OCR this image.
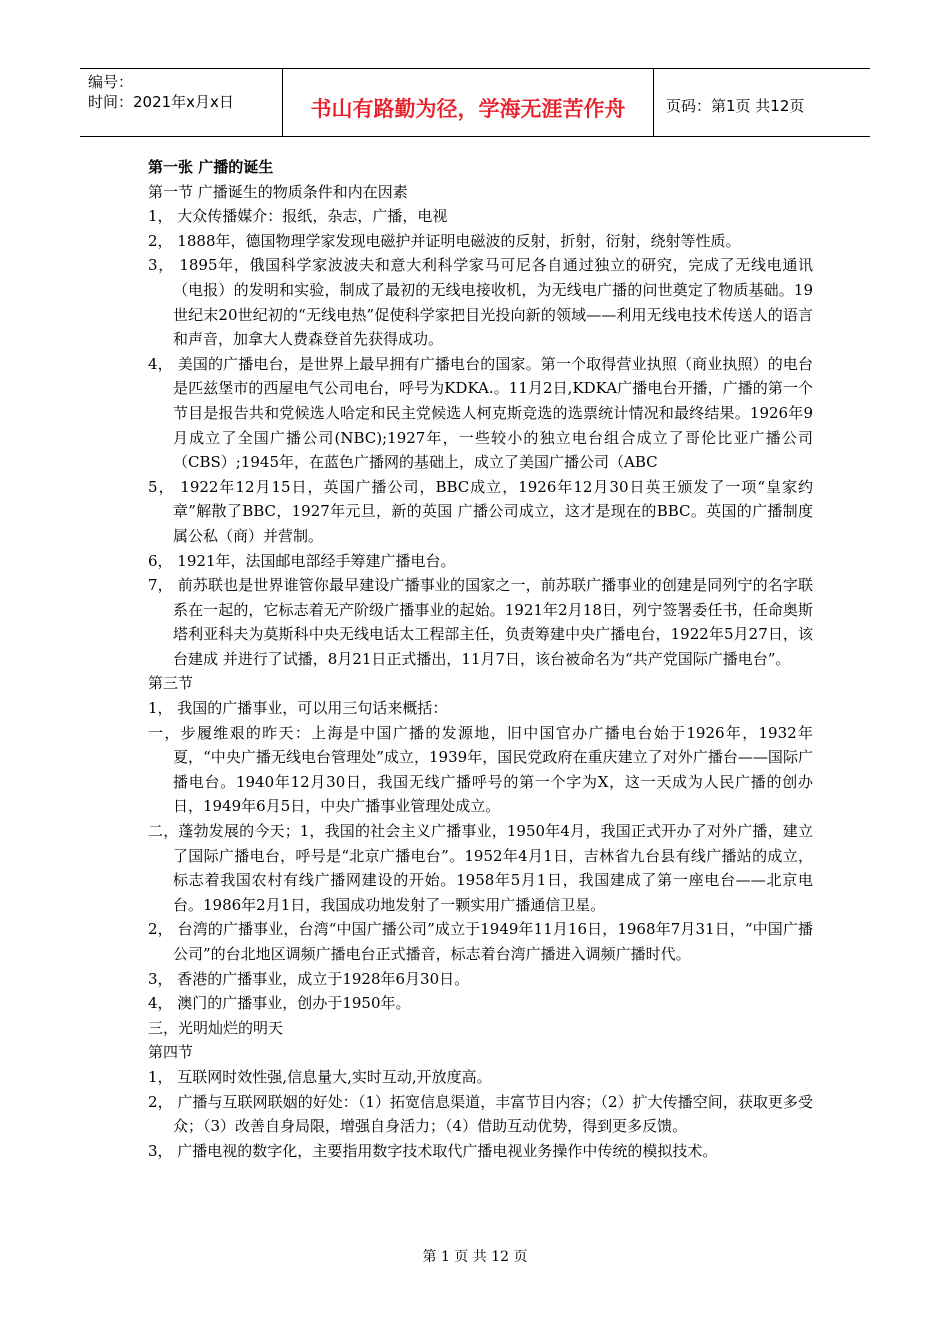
编号：
时间：2021年x月x日	书山有路勤为径，学海无涯苦作舟	页码：第1页 共12页

第一张 广播的诞生

第一节 广播诞生的物质条件和内在因素

1， 大众传播媒介：报纸，杂志，广播，电视

2， 1888年，德国物理学家发现电磁护并证明电磁波的反射，折射，衍射，绕射等性质。

3， 1895年，俄国科学家波波夫和意大利科学家马可尼各自通过独立的研究，完成了无线电通讯（电报）的发明和实验，制成了最初的无线电接收机，为无线电广播的问世奠定了物质基础。19世纪末20世纪初的“无线电热”促使科学家把目光投向新的领域——利用无线电技术传送人的语言和声音，加拿大人费森登首先获得成功。

4， 美国的广播电台，是世界上最早拥有广播电台的国家。第一个取得营业执照（商业执照）的电台是匹兹堡市的西屋电气公司电台，呼号为KDKA.。11月2日,KDKA广播电台开播，广播的第一个节目是报告共和党候选人哈定和民主党候选人柯克斯竞选的选票统计情况和最终结果。1926年9月成立了全国广播公司(NBC);1927年，一些较小的独立电台组合成立了哥伦比亚广播公司（CBS）;1945年，在蓝色广播网的基础上，成立了美国广播公司（ABC

5， 1922年12月15日，英国广播公司，BBC成立，1926年12月30日英王颁发了一项“皇家约章”解散了BBC，1927年元旦，新的英国 广播公司成立，这才是现在的BBC。英国的广播制度属公私（商）并营制。

6， 1921年，法国邮电部经手筹建广播电台。

7， 前苏联也是世界谁管你最早建设广播事业的国家之一，前苏联广播事业的创建是同列宁的名字联系在一起的，它标志着无产阶级广播事业的起始。1921年2月18日，列宁签署委任书，任命奥斯塔利亚科夫为莫斯科中央无线电话太工程部主任，负责筹建中央广播电台，1922年5月27日，该台建成 并进行了试播，8月21日正式播出，11月7日，该台被命名为“共产党国际广播电台”。

第三节

1， 我国的广播事业，可以用三句话来概括：

一，步履维艰的昨天：上海是中国广播的发源地，旧中国官办广播电台始于1926年，1932年夏，“中央广播无线电台管理处”成立，1939年，国民党政府在重庆建立了对外广播台——国际广播电台。1940年12月30日，我国无线广播呼号的第一个字为X，这一天成为人民广播的创办日，1949年6月5日，中央广播事业管理处成立。

二，蓬勃发展的今天；1，我国的社会主义广播事业，1950年4月，我国正式开办了对外广播，建立了国际广播电台，呼号是“北京广播电台”。1952年4月1日，吉林省九台县有线广播站的成立，标志着我国农村有线广播网建设的开始。1958年5月1日，我国建成了第一座电台——北京电台。1986年2月1日，我国成功地发射了一颗实用广播通信卫星。

2， 台湾的广播事业，台湾“中国广播公司”成立于1949年11月16日，1968年7月31日，“中国广播公司”的台北地区调频广播电台正式播音，标志着台湾广播进入调频广播时代。

3， 香港的广播事业，成立于1928年6月30日。

4， 澳门的广播事业，创办于1950年。

三，光明灿烂的明天

第四节

1， 互联网时效性强,信息量大,实时互动,开放度高。

2， 广播与互联网联姻的好处：（1）拓宽信息渠道，丰富节目内容；（2）扩大传播空间，获取更多受众；（3）改善自身局限，增强自身活力；（4）借助互动优势，得到更多反馈。

3， 广播电视的数字化，主要指用数字技术取代广播电视业务操作中传统的模拟技术。

第 1 页 共 12 页
